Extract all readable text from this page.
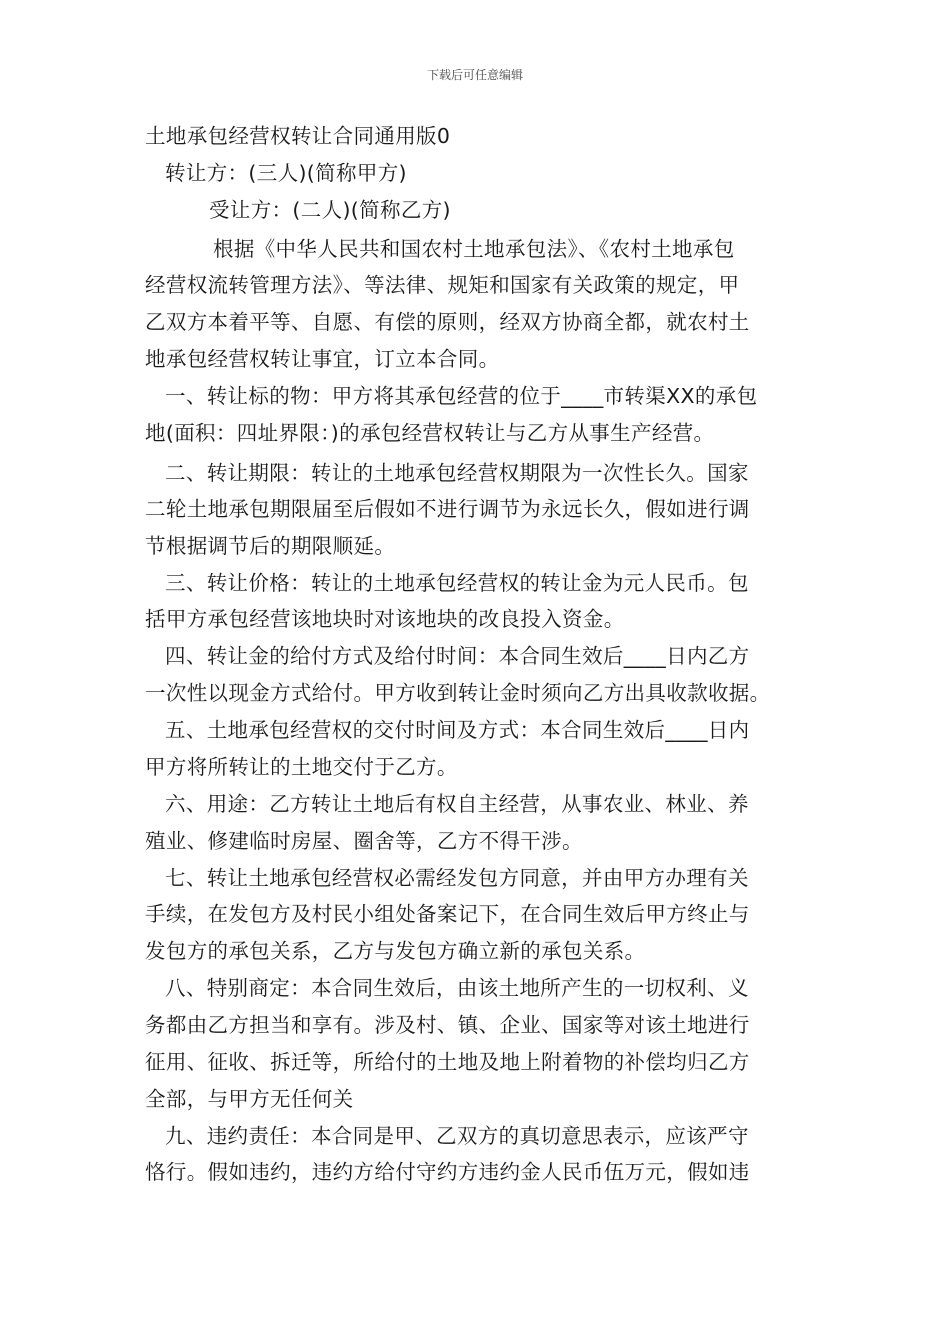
下载后可任意编辑
土地承包经营权转让合同通用版0
转让方：(三人)(简称甲方)
受让方：(二人)(简称乙方)
根据《中华人民共和国农村土地承包法》、《农村土地承包
经营权流转管理方法》、等法律、规矩和国家有关政策的规定，甲
乙双方本着平等、自愿、有偿的原则，经双方协商全都，就农村土
地承包经营权转让事宜，订立本合同。
一、转让标的物：甲方将其承包经营的位于____市转渠XX的承包
地(面积：四址界限：)的承包经营权转让与乙方从事生产经营。
二、转让期限：转让的土地承包经营权期限为一次性长久。国家
二轮土地承包期限届至后假如不进行调节为永远长久，假如进行调
节根据调节后的期限顺延。
三、转让价格：转让的土地承包经营权的转让金为元人民币。包
括甲方承包经营该地块时对该地块的改良投入资金。
四、转让金的给付方式及给付时间：本合同生效后____日内乙方
一次性以现金方式给付。甲方收到转让金时须向乙方出具收款收据。
五、土地承包经营权的交付时间及方式：本合同生效后____日内
甲方将所转让的土地交付于乙方。
六、用途：乙方转让土地后有权自主经营，从事农业、林业、养
殖业、修建临时房屋、圈舍等，乙方不得干涉。
七、转让土地承包经营权必需经发包方同意，并由甲方办理有关
手续，在发包方及村民小组处备案记下，在合同生效后甲方终止与
发包方的承包关系，乙方与发包方确立新的承包关系。
八、特别商定：本合同生效后，由该土地所产生的一切权利、义
务都由乙方担当和享有。涉及村、镇、企业、国家等对该土地进行
征用、征收、拆迁等，所给付的土地及地上附着物的补偿均归乙方
全部，与甲方无任何关
九、违约责任：本合同是甲、乙双方的真切意思表示，应该严守
恪行。假如违约，违约方给付守约方违约金人民币伍万元，假如违
